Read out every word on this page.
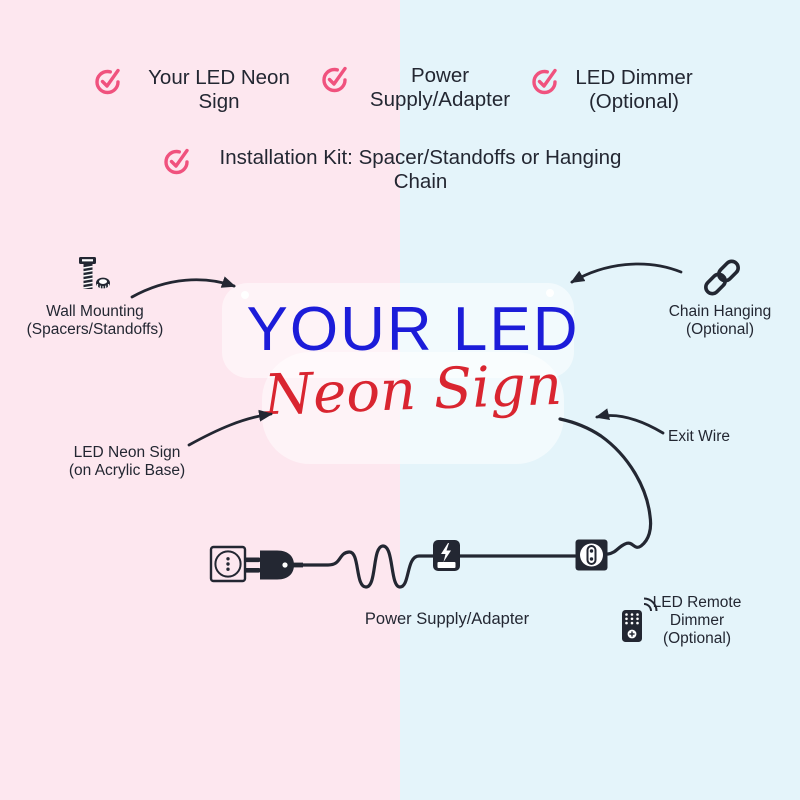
Your LED Neon
Sign
Power
Supply/Adapter
LED Dimmer
(Optional)
Installation Kit: Spacer/Standoffs or Hanging
Chain
YOUR LED
Neon Sign
Wall Mounting
(Spacers/Standoffs)
Chain Hanging
(Optional)
LED Neon Sign
(on Acrylic Base)
Exit Wire
Power Supply/Adapter
LED Remote
Dimmer
(Optional)
